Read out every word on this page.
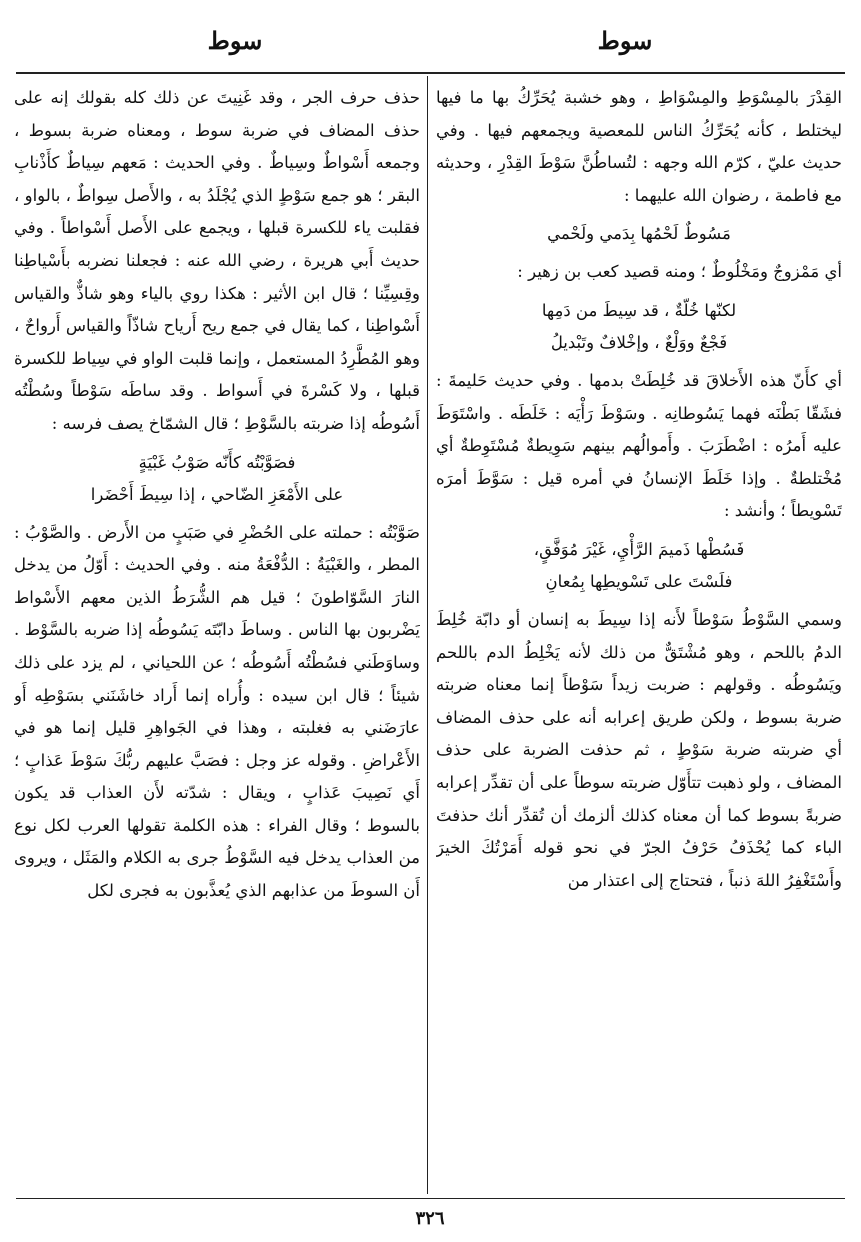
سوط
سوط

القِدْرَ بالمِسْوَطِ والمِسْوَاطِ ، وهو خشبة يُحَرِّكُ بها ما فيها ليختلط ، كأنه يُحَرِّكُ الناس للمعصية ويجمعهم فيها . وفي حديث عليّ ، كرّم الله وجهه : لتُساطُنَّ سَوْطَ القِدْرِ ، وحديثه مع فاطمة ، رضوان الله عليهما :

مَسُوطٌ لَحْمُها بِدَمي ولَحْمي

أي مَمْزوجٌ ومَخْلُوطٌ ؛ ومنه قصيد كعب بن زهير :

لكنّها خُلّةٌ ، قد سِيطَ من دَمِها
فَجْعٌ ووَلْعٌ ، وإخْلافٌ وتَبْديلُ

أي كأَنّ هذه الأَخلاقَ قد خُلِطَتْ بدمها . وفي حديث حَليمةَ : فشَقّا بَطْنَه فهما يَسُوطانِه . وسَوْطَ رَأْيَه : خَلَطَه . واسْتَوَطَ عليه أَمرُه : اضْطَرَبَ . وأَموالُهم بينهم سَوِيطةٌ مُسْتَوِطةٌ أي مُخْتلطةٌ . وإذا خَلَطَ الإنسانُ في أمره قيل : سَوَّطَ أمرَه تَسْويطاً ؛ وأنشد :

فَسُطْها ذَميمَ الرَّأْيِ، غَيْرَ مُوَفَّقٍ،
فلَسْتَ على تَسْويطِها بِمُعانِ

وسمي السَّوْطُ سَوْطاً لأَنه إذا سِيطَ به إنسان أو دابّة خُلِطَ الدمُ باللحم ، وهو مُشْتَقٌّ من ذلك لأنه يَخْلِطُ الدم باللحم ويَسُوطُه . وقولهم : ضربت زيداً سَوْطاً إنما معناه ضربته ضربة بسوط ، ولكن طريق إعرابه أنه على حذف المضاف أي ضربته ضربة سَوْطٍ ، ثم حذفت الضربة على حذف المضاف ، ولو ذهبت تتأَوّل ضربته سوطاً على أن تقدِّر إعرابه ضربةً بسوط كما أن معناه كذلك ألزمك أن تُقدِّر أنك حذفتَ الباء كما يُحْذَفُ حَرْفُ الجرّ في نحو قوله أَمَرْتُكَ الخيرَ وأَسْتَغْفِرُ اللهَ ذنباً ، فتحتاج إلى اعتذار من

حذف حرف الجر ، وقد غَنِيتَ عن ذلك كله بقولك إنه على حذف المضاف في ضربة سوط ، ومعناه ضربة بسوط ، وجمعه أَسْواطٌ وسِياطٌ . وفي الحديث : مَعهم سِياطٌ كأَذْنابِ البقر ؛ هو جمع سَوْطٍ الذي يُجْلَدُ به ، والأَصل سِواطٌ ، بالواو ، فقلبت ياء للكسرة قبلها ، ويجمع على الأَصل أَسْواطاً . وفي حديث أَبي هريرة ، رضي الله عنه : فجعلنا نضربه بأَسْياطِنا وقِسِيِّنا ؛ قال ابن الأثير : هكذا روي بالياء وهو شاذٌّ والقياس أَسْواطِنا ، كما يقال في جمع ريح أَرياح شاذّاً والقياس أَرواحٌ ، وهو المُطَّرِدُ المستعمل ، وإنما قلبت الواو في سِياط للكسرة قبلها ، ولا كَسْرةَ في أَسواط . وقد ساطَه سَوْطاً وسُطْتُه أَسُوطُه إذا ضربته بالسَّوْطِ ؛ قال الشمّاخ يصف فرسه :

فصَوَّبْتُه كأَنّه صَوْبُ غَبْيَةٍ
على الأَمْعَزِ الضّاحي ، إذا سِيطَ أَحْضَرا

صَوَّبْتُه : حملته على الحُضْرِ في صَبَبٍ من الأَرض . والصَّوْبُ : المطر ، والغَبْيَةُ : الدُّفْعَةُ منه . وفي الحديث : أَوّلُ من يدخل النارَ السَّوّاطونَ ؛ قيل هم الشُّرَطُ الذين معهم الأَسْواط يَضْربون بها الناس . وساطَ دابّتَه يَسُوطُه إذا ضربه بالسَّوْط . وساوَطَني فسُطْتُه أَسُوطُه ؛ عن اللحياني ، لم يزد على ذلك شيئاً ؛ قال ابن سيده : وأُراه إنما أَراد خاشَنَني بسَوْطِه أَو عارَضَني به فغلبته ، وهذا في الجَواهِرِ قليل إنما هو في الأَعْراضِ . وقوله عز وجل : فصَبَّ عليهم ربُّكَ سَوْطَ عَذابٍ ؛ أَي نَصِيبَ عَذابٍ ، ويقال : شدّته لأَن العذاب قد يكون بالسوط ؛ وقال الفراء : هذه الكلمة تقولها العرب لكل نوع من العذاب يدخل فيه السَّوْطُ جرى به الكلام والمَثَل ، ويروى أَن السوطَ من عذابهم الذي يُعذَّبون به فجرى لكل

٣٢٦
